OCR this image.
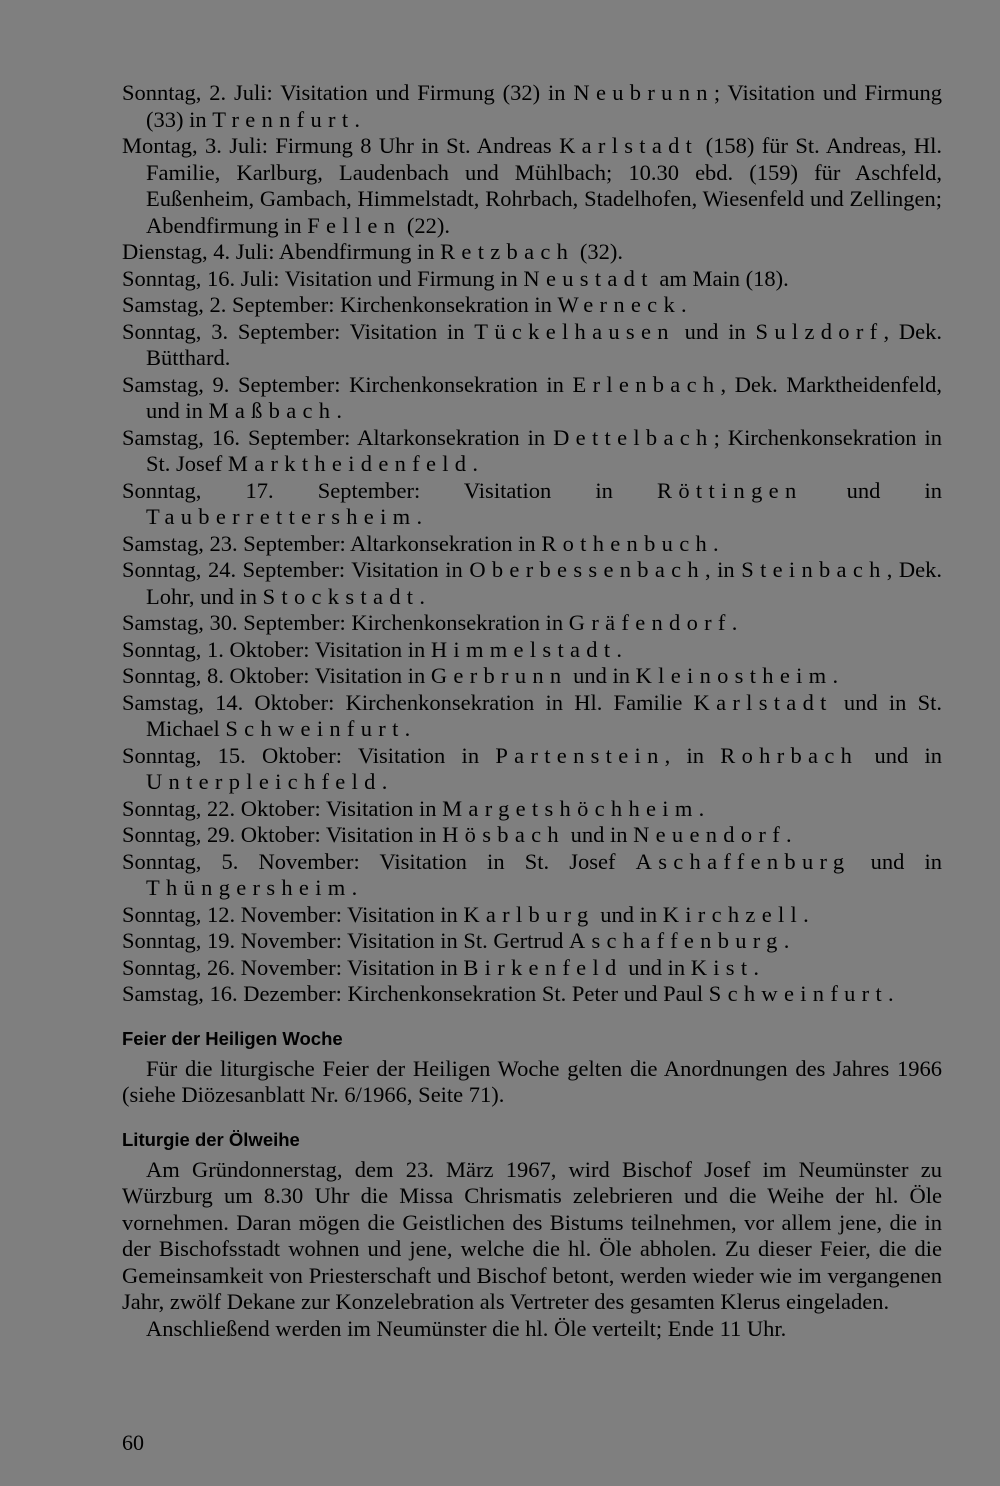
Sonntag, 2. Juli: Visitation und Firmung (32) in Neubrunn; Visitation und Firmung (33) in Trennfurt.
Montag, 3. Juli: Firmung 8 Uhr in St. Andreas Karlstadt (158) für St. Andreas, Hl. Familie, Karlburg, Laudenbach und Mühlbach; 10.30 ebd. (159) für Aschfeld, Eußenheim, Gambach, Himmelstadt, Rohrbach, Stadelhofen, Wiesenfeld und Zellingen; Abendfirmung in Fellen (22).
Dienstag, 4. Juli: Abendfirmung in Retzbach (32).
Sonntag, 16. Juli: Visitation und Firmung in Neustadt am Main (18).
Samstag, 2. September: Kirchenkonsekration in Werneck.
Sonntag, 3. September: Visitation in Tückelhausen und in Sulzdorf, Dek. Bütthard.
Samstag, 9. September: Kirchenkonsekration in Erlenbach, Dek. Marktheidenfeld, und in Maßbach.
Samstag, 16. September: Altarkonsekration in Dettelbach; Kirchenkonsekration in St. Josef Marktheidenfeld.
Sonntag, 17. September: Visitation in Röttingen und in Tauberrettersheim.
Samstag, 23. September: Altarkonsekration in Rothenbuch.
Sonntag, 24. September: Visitation in Oberbessenbach, in Steinbach, Dek. Lohr, und in Stockstadt.
Samstag, 30. September: Kirchenkonsekration in Gräfendorf.
Sonntag, 1. Oktober: Visitation in Himmelstadt.
Sonntag, 8. Oktober: Visitation in Gerbrunn und in Kleinostheim.
Samstag, 14. Oktober: Kirchenkonsekration in Hl. Familie Karlstadt und in St. Michael Schweinfurt.
Sonntag, 15. Oktober: Visitation in Partenstein, in Rohrbach und in Unterpleichfeld.
Sonntag, 22. Oktober: Visitation in Margetshöchheim.
Sonntag, 29. Oktober: Visitation in Hösbach und in Neuendorf.
Sonntag, 5. November: Visitation in St. Josef Aschaffenburg und in Thüngersheim.
Sonntag, 12. November: Visitation in Karlburg und in Kirchzell.
Sonntag, 19. November: Visitation in St. Gertrud Aschaffenburg.
Sonntag, 26. November: Visitation in Birkenfeld und in Kist.
Samstag, 16. Dezember: Kirchenkonsekration St. Peter und Paul Schweinfurt.
Feier der Heiligen Woche
Für die liturgische Feier der Heiligen Woche gelten die Anordnungen des Jahres 1966 (siehe Diözesanblatt Nr. 6/1966, Seite 71).
Liturgie der Ölweihe
Am Gründonnerstag, dem 23. März 1967, wird Bischof Josef im Neumünster zu Würzburg um 8.30 Uhr die Missa Chrismatis zelebrieren und die Weihe der hl. Öle vornehmen. Daran mögen die Geistlichen des Bistums teilnehmen, vor allem jene, die in der Bischofsstadt wohnen und jene, welche die hl. Öle abholen. Zu dieser Feier, die die Gemeinsamkeit von Priesterschaft und Bischof betont, werden wieder wie im vergangenen Jahr, zwölf Dekane zur Konzelebration als Vertreter des gesamten Klerus eingeladen.
Anschließend werden im Neumünster die hl. Öle verteilt; Ende 11 Uhr.
60
